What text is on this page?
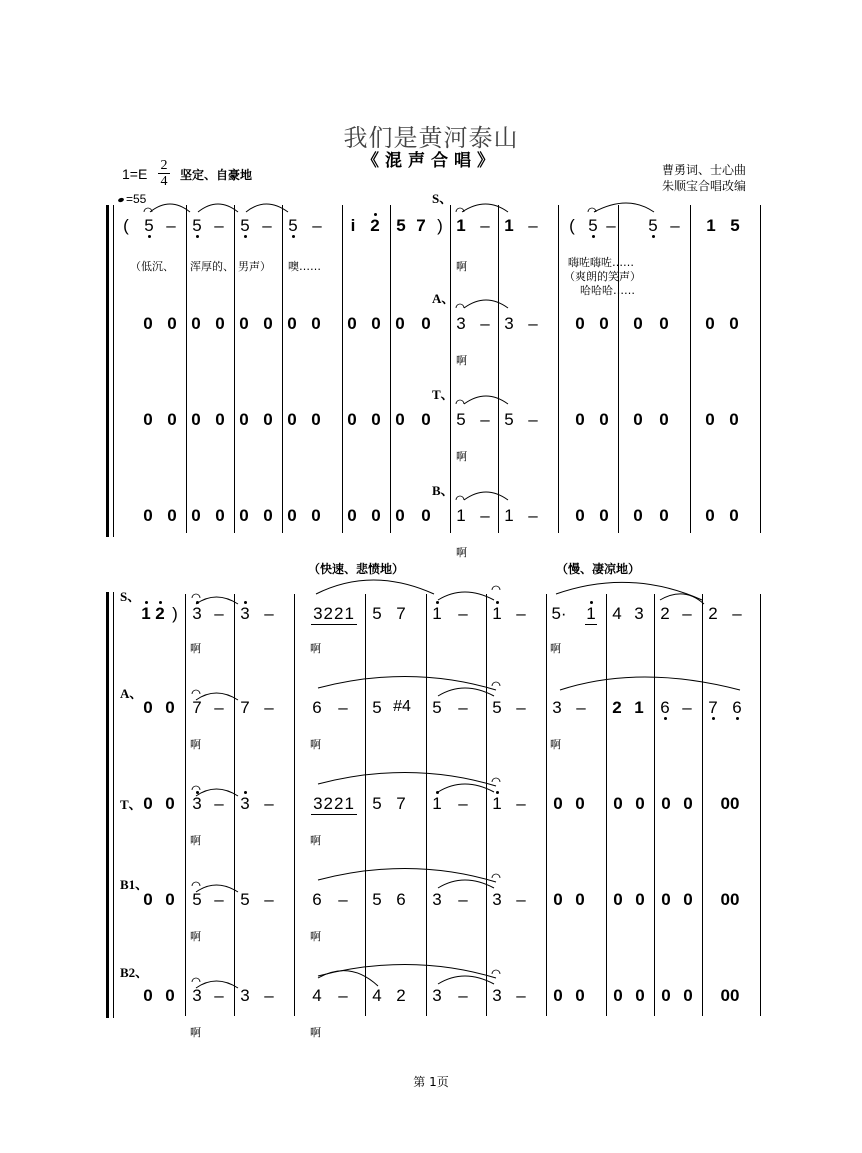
我们是黄河泰山
《混声合唱》
$1=E \frac{2}{4}$ 坚定、自豪地	曹勇词、士心曲
朱顺宝合唱改编
=55	S、
A、
T、
B、
( 5 – 5 – 5 – 5 – i 2 5 7 )
（低沉、 浑厚的、 男声） 噢……
1 – 1 –
啊
( 5 – 5 – 1 5
嗨咗嗨咗……
（爽朗的笑声）
哈哈哈……
0 0 0 0 0 0 0 0 0 0 0 0 3 – 3 – 0 0 0 0 0 0
啊
0 0 0 0 0 0 0 0 0 0 0 0 5 – 5 – 0 0 0 0 0 0
啊
0 0 0 0 0 0 0 0 0 0 0 0 1 – 1 – 0 0 0 0 0 0
啊
（快速、悲愤地）	（慢、凄凉地）
S、
A、
T、
B1、
B2、
1 2 ) 3 – 3 – 3221 5 7 1 – 1 – 5· 1 4 3 2 – 2 –
啊	啊	啊
0 0 7 – 7 – 6 – 5 #4 5 – 5 – 3 – 2 1 6 – 7 6
啊	啊	啊
0 0 3 – 3 – 3221 5 7 1 – 1 – 0 0 0 0 0 0 00
啊	啊
0 0 5 – 5 – 6 – 5 6 3 – 3 – 0 0 0 0 0 0 00
啊	啊
0 0 3 – 3 – 4 – 4 2 3 – 3 – 0 0 0 0 0 0 00
啊	啊
第 1页
